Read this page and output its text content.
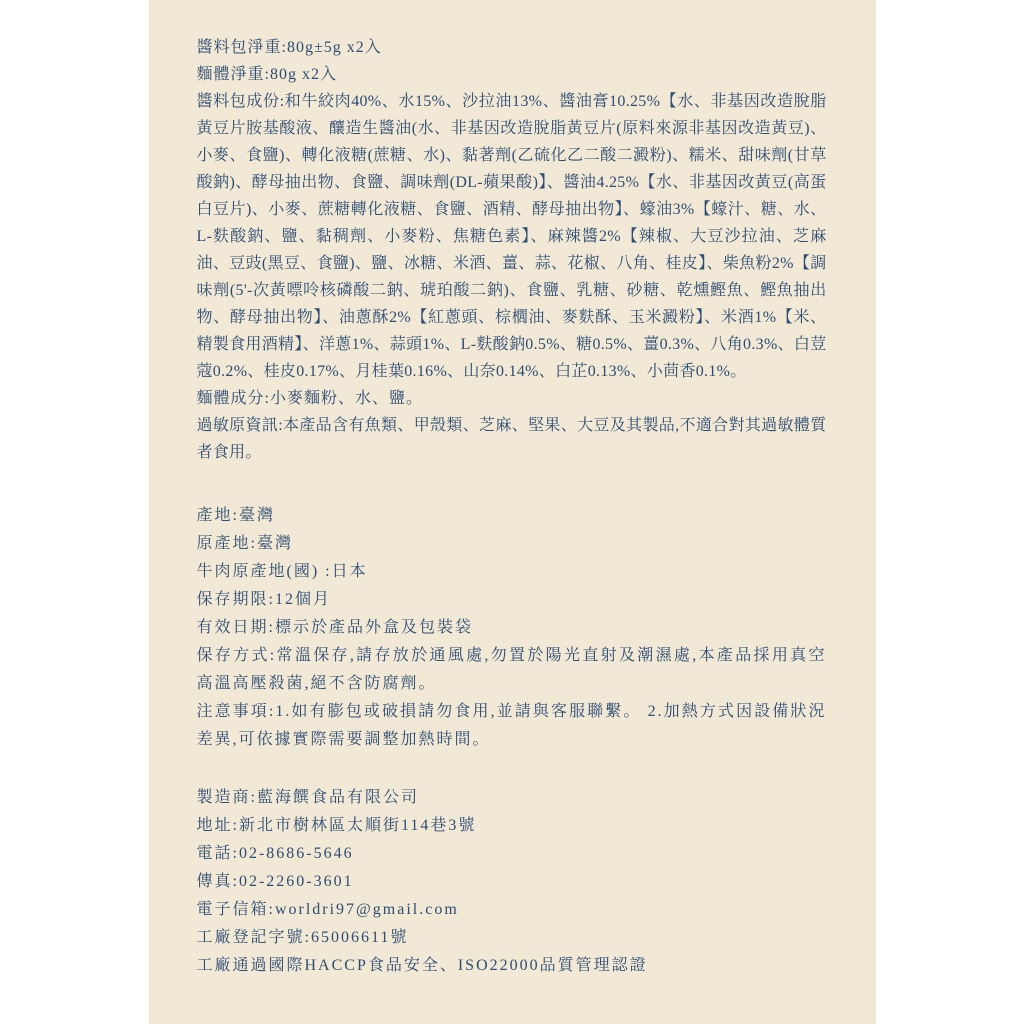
醬料包淨重:80g±5g x2入

麵體淨重:80g x2入

醬料包成份:和牛絞肉40%、水15%、沙拉油13%、醬油膏10.25%【水、非基因改造脫脂黃豆片胺基酸液、釀造生醬油(水、非基因改造脫脂黃豆片(原料來源非基因改造黃豆)、小麥、食鹽)、轉化液糖(蔗糖、水)、黏著劑(乙硫化乙二酸二澱粉)、糯米、甜味劑(甘草酸鈉)、酵母抽出物、食鹽、調味劑(DL-蘋果酸)】、醬油4.25%【水、非基因改黃豆(高蛋白豆片)、小麥、蔗糖轉化液糖、食鹽、酒精、酵母抽出物】、蠔油3%【蠔汁、糖、水、L-麩酸鈉、鹽、黏稠劑、小麥粉、焦糖色素】、麻辣醬2%【辣椒、大豆沙拉油、芝麻油、豆豉(黑豆、食鹽)、鹽、冰糖、米酒、薑、蒜、花椒、八角、桂皮】、柴魚粉2%【調味劑(5'-次黃嘌呤核磷酸二鈉、琥珀酸二鈉)、食鹽、乳糖、砂糖、乾燻鰹魚、鰹魚抽出物、酵母抽出物】、油蔥酥2%【紅蔥頭、棕櫚油、麥麩酥、玉米澱粉】、米酒1%【米、精製食用酒精】、洋蔥1%、蒜頭1%、L-麩酸鈉0.5%、糖0.5%、薑0.3%、八角0.3%、白荳蔻0.2%、桂皮0.17%、月桂葉0.16%、山奈0.14%、白芷0.13%、小茴香0.1%。

麵體成分:小麥麵粉、水、鹽。

過敏原資訊:本產品含有魚類、甲殼類、芝麻、堅果、大豆及其製品,不適合對其過敏體質者食用。

產地:臺灣

原產地:臺灣

牛肉原產地(國) :日本

保存期限:12個月

有效日期:標示於產品外盒及包裝袋

保存方式:常溫保存,請存放於通風處,勿置於陽光直射及潮濕處,本產品採用真空高溫高壓殺菌,絕不含防腐劑。

注意事項:1.如有膨包或破損請勿食用,並請與客服聯繫。 2.加熱方式因設備狀況差異,可依據實際需要調整加熱時間。

製造商:藍海饌食品有限公司

地址:新北市樹林區太順街114巷3號

電話:02-8686-5646

傳真:02-2260-3601

電子信箱:worldri97@gmail.com

工廠登記字號:65006611號

工廠通過國際HACCP食品安全、ISO22000品質管理認證
